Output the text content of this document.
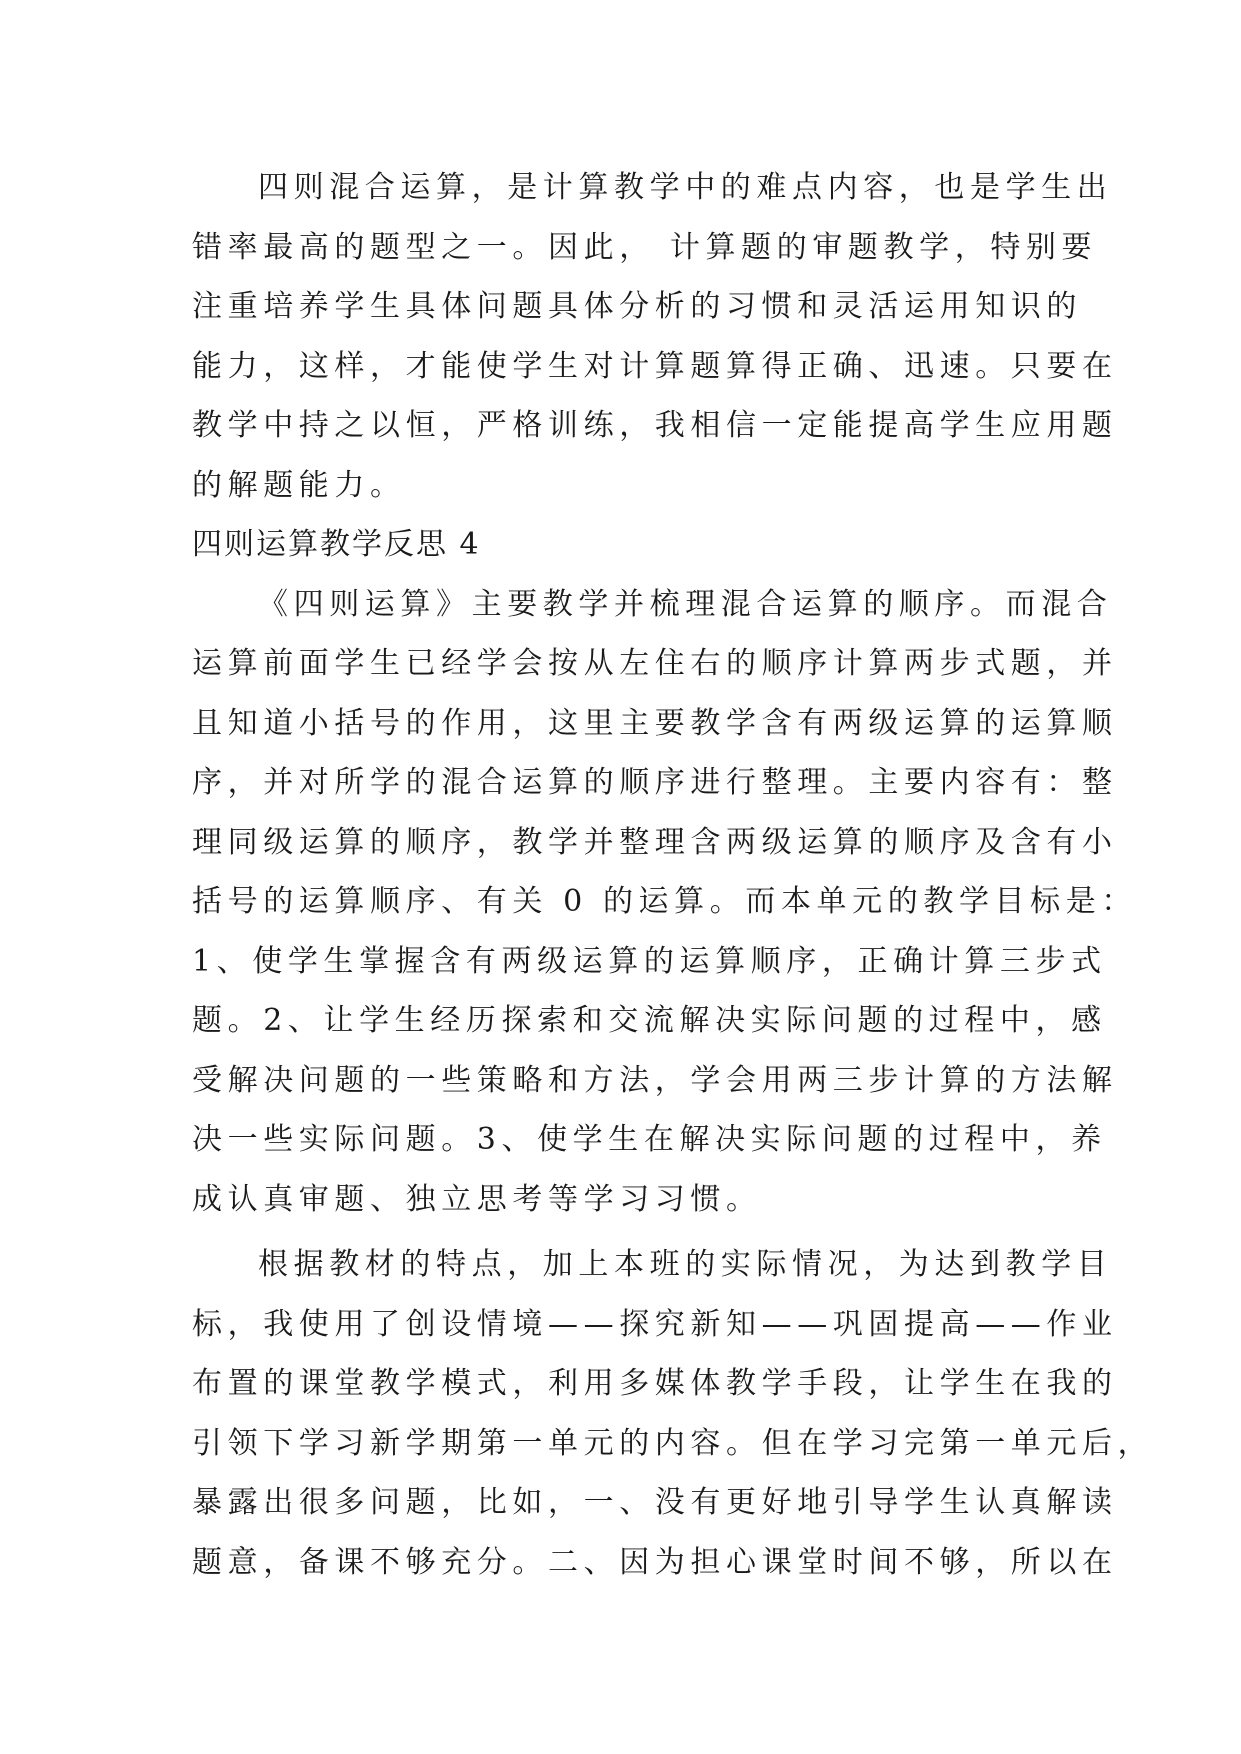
四则混合运算，是计算教学中的难点内容，也是学生出
错率最高的题型之一。因此， 计算题的审题教学，特别要
注重培养学生具体问题具体分析的习惯和灵活运用知识的
能力，这样，才能使学生对计算题算得正确、迅速。只要在
教学中持之以恒，严格训练，我相信一定能提高学生应用题
的解题能力。
四则运算教学反思 4
《四则运算》主要教学并梳理混合运算的顺序。而混合
运算前面学生已经学会按从左住右的顺序计算两步式题，并
且知道小括号的作用，这里主要教学含有两级运算的运算顺
序，并对所学的混合运算的顺序进行整理。主要内容有：整
理同级运算的顺序，教学并整理含两级运算的顺序及含有小
括号的运算顺序、有关 0 的运算。而本单元的教学目标是：
1、使学生掌握含有两级运算的运算顺序，正确计算三步式
题。2、让学生经历探索和交流解决实际问题的过程中，感
受解决问题的一些策略和方法，学会用两三步计算的方法解
决一些实际问题。3、使学生在解决实际问题的过程中，养
成认真审题、独立思考等学习习惯。
根据教材的特点，加上本班的实际情况，为达到教学目
标，我使用了创设情境——探究新知——巩固提高——作业
布置的课堂教学模式，利用多媒体教学手段，让学生在我的
引领下学习新学期第一单元的内容。但在学习完第一单元后，
暴露出很多问题，比如，一、没有更好地引导学生认真解读
题意，备课不够充分。二、因为担心课堂时间不够，所以在
